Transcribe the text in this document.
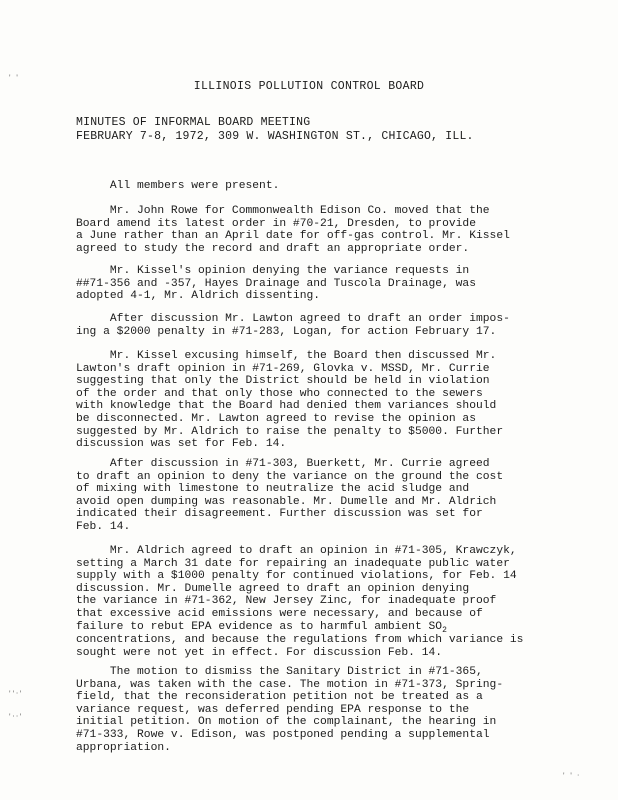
' '
''·'
'··'
' ' ·
ILLINOIS POLLUTION CONTROL BOARD
MINUTES OF INFORMAL BOARD MEETING
FEBRUARY 7-8, 1972, 309 W. WASHINGTON ST., CHICAGO, ILL.
All members were present.
Mr. John Rowe for Commonwealth Edison Co. moved that the
Board amend its latest order in #70-21, Dresden, to provide
a June rather than an April date for off-gas control. Mr. Kissel
agreed to study the record and draft an appropriate order.
Mr. Kissel's opinion denying the variance requests in
##71-356 and -357, Hayes Drainage and Tuscola Drainage, was
adopted 4-1, Mr. Aldrich dissenting.
After discussion Mr. Lawton agreed to draft an order impos-
ing a $2000 penalty in #71-283, Logan, for action February 17.
Mr. Kissel excusing himself, the Board then discussed Mr.
Lawton's draft opinion in #71-269, Glovka v. MSSD, Mr. Currie
suggesting that only the District should be held in violation
of the order and that only those who connected to the sewers
with knowledge that the Board had denied them variances should
be disconnected. Mr. Lawton agreed to revise the opinion as
suggested by Mr. Aldrich to raise the penalty to $5000. Further
discussion was set for Feb. 14.
After discussion in #71-303, Buerkett, Mr. Currie agreed
to draft an opinion to deny the variance on the ground the cost
of mixing with limestone to neutralize the acid sludge and
avoid open dumping was reasonable. Mr. Dumelle and Mr. Aldrich
indicated their disagreement. Further discussion was set for
Feb. 14.
Mr. Aldrich agreed to draft an opinion in #71-305, Krawczyk,
setting a March 31 date for repairing an inadequate public water
supply with a $1000 penalty for continued violations, for Feb. 14
discussion. Mr. Dumelle agreed to draft an opinion denying
the variance in #71-362, New Jersey Zinc, for inadequate proof
that excessive acid emissions were necessary, and because of
failure to rebut EPA evidence as to harmful ambient $SO_2$
concentrations, and because the regulations from which variance is
sought were not yet in effect. For discussion Feb. 14.
The motion to dismiss the Sanitary District in #71-365,
Urbana, was taken with the case. The motion in #71-373, Spring-
field, that the reconsideration petition not be treated as a
variance request, was deferred pending EPA response to the
initial petition. On motion of the complainant, the hearing in
#71-333, Rowe v. Edison, was postponed pending a supplemental
appropriation.
